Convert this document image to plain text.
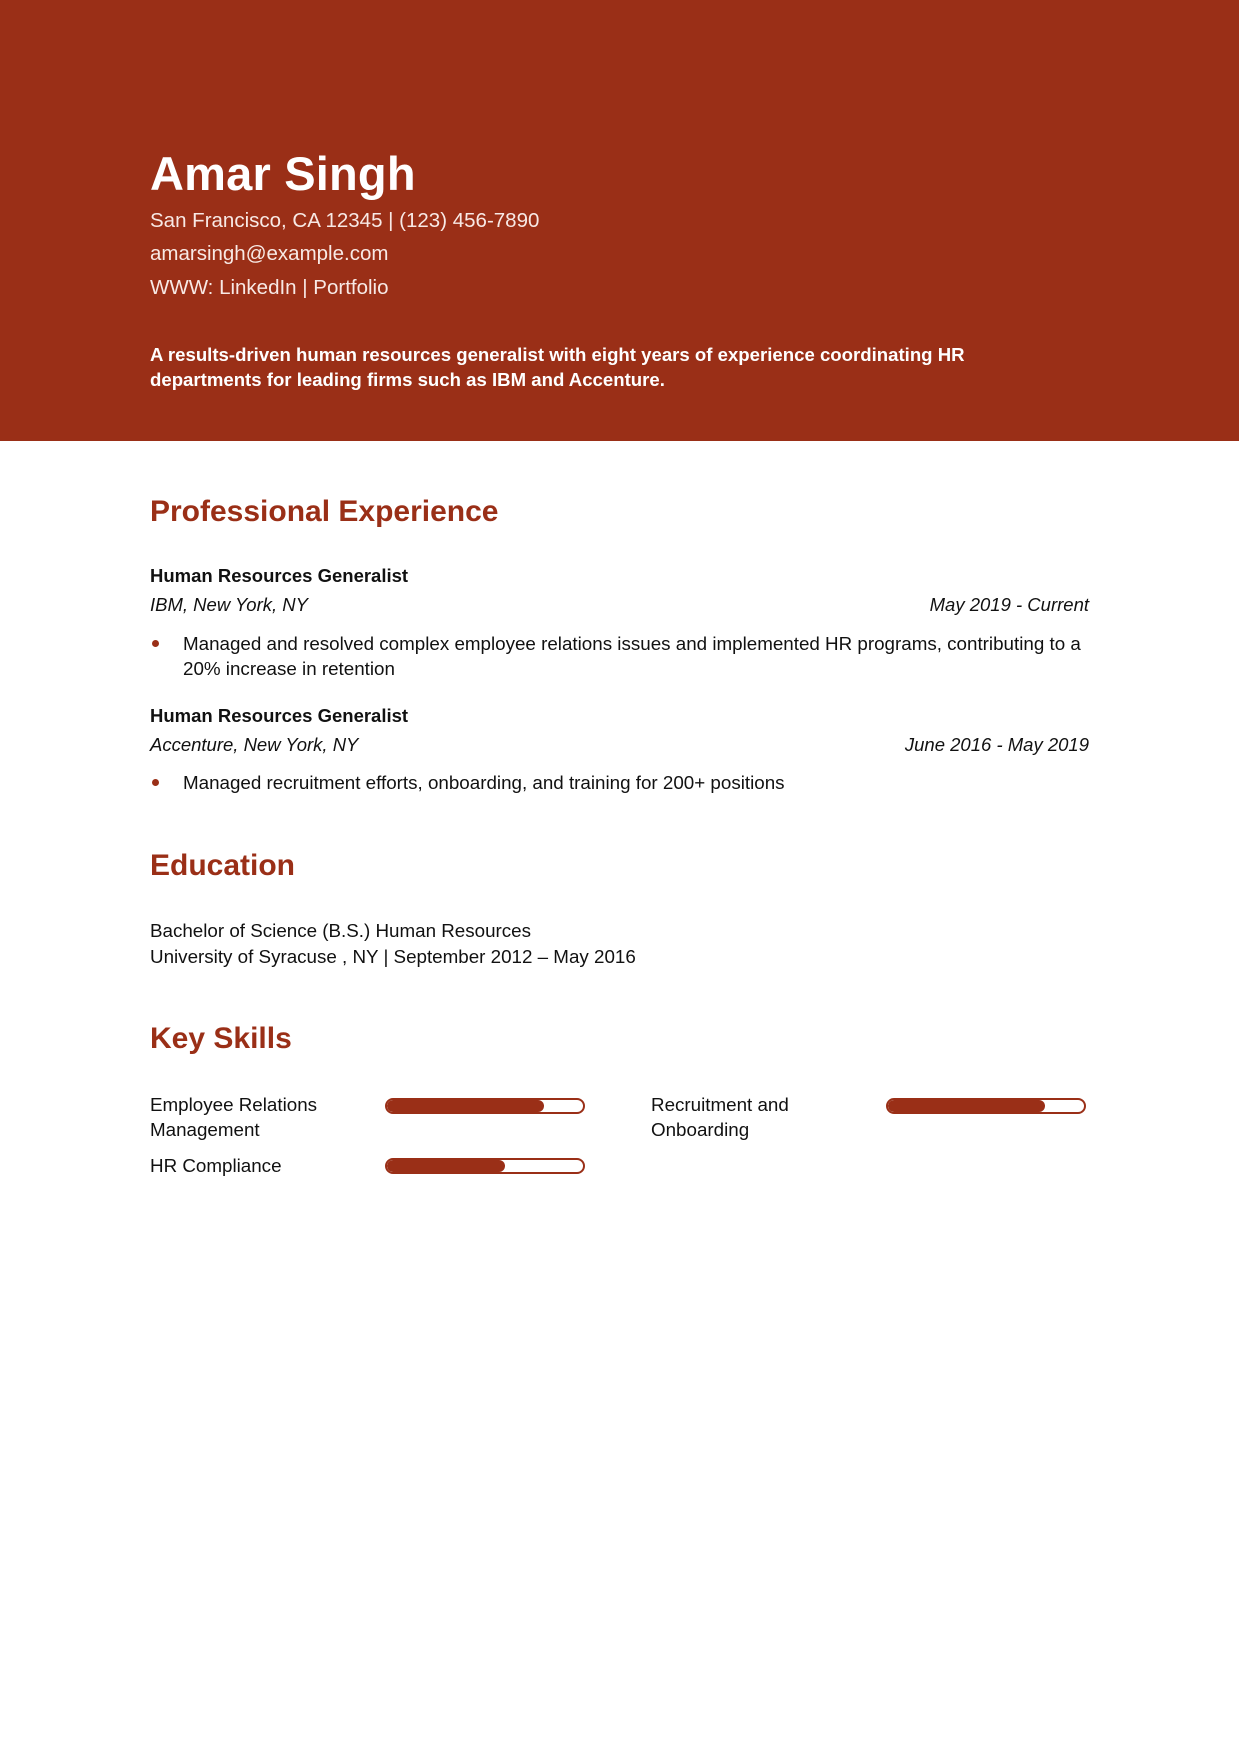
Amar Singh
San Francisco, CA 12345 | (123) 456-7890
amarsingh@example.com
WWW: LinkedIn | Portfolio
A results-driven human resources generalist with eight years of experience coordinating HR departments for leading firms such as IBM and Accenture.
Professional Experience
Human Resources Generalist
IBM, New York, NY	May 2019 - Current
Managed and resolved complex employee relations issues and implemented HR programs, contributing to a 20% increase in retention
Human Resources Generalist
Accenture, New York, NY	June 2016 - May 2019
Managed recruitment efforts, onboarding, and training for 200+ positions
Education
Bachelor of Science (B.S.) Human Resources
University of Syracuse , NY | September 2012 – May 2016
Key Skills
Employee Relations Management
Recruitment and Onboarding
HR Compliance
